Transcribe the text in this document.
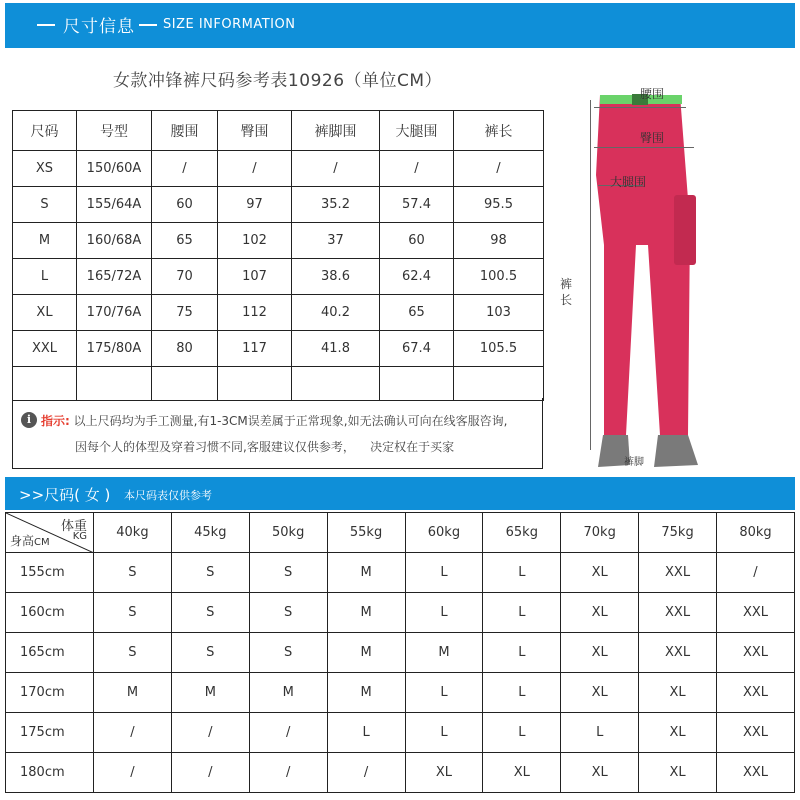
尺寸信息 SIZE INFORMATION
女款冲锋裤尺码参考表10926（单位CM）
尺码	号型	腰围	臀围	裤脚围	大腿围	裤长
XS	150/60A	/	/	/	/	/
S	155/64A	60	97	35.2	57.4	95.5
M	160/68A	65	102	37	60	98
L	165/72A	70	107	38.6	62.4	100.5
XL	170/76A	75	112	40.2	65	103
XXL	175/80A	80	117	41.8	67.4	105.5

i 指示: 以上尺码均为手工测量,有1-3CM误差属于正常现象,如无法确认可向在线客服咨询,
因每个人的体型及穿着习惯不同,客服建议仅供参考，    决定权在于买家
腰围
臀围
大腿围
裤
长
裤脚
>>尺码( 女 ) 本尺码表仅供参考
体重
KG
身高CM	40kg	45kg	50kg	55kg	60kg	65kg	70kg	75kg	80kg
155cm	S	S	S	M	L	L	XL	XXL	/
160cm	S	S	S	M	L	L	XL	XXL	XXL
165cm	S	S	S	M	M	L	XL	XXL	XXL
170cm	M	M	M	M	L	L	XL	XL	XXL
175cm	/	/	/	L	L	L	L	XL	XXL
180cm	/	/	/	/	XL	XL	XL	XL	XXL
